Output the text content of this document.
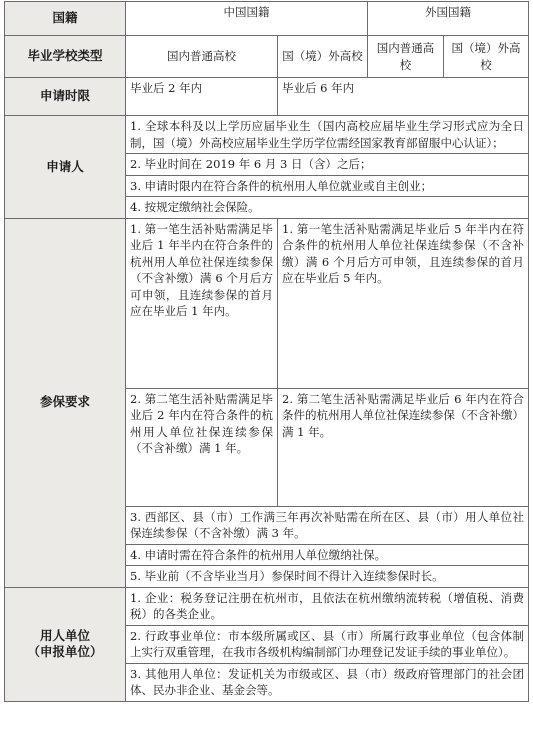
国籍	中国国籍		外国国籍	
毕业学校类型	国内普通高校	国（境）外高校	国内普通高校	国（境）外高校
申请时限	毕业后 2 年内	毕业后 6 年内		
申请人	1. 全球本科及以上学历应届毕业生（国内高校应届毕业生学习形式应为全日制，国（境）外高校应届毕业生学历学位需经国家教育部留服中心认证）；			
	2. 毕业时间在 2019 年 6 月 3 日（含）之后；			
	3. 申请时限内在符合条件的杭州用人单位就业或自主创业；			
	4. 按规定缴纳社会保险。			
参保要求	1. 第一笔生活补贴需满足毕业后 1 年半内在符合条件的杭州用人单位社保连续参保（不含补缴）满 6 个月后方可申领，且连续参保的首月应在毕业后 1 年内。	1. 第一笔生活补贴需满足毕业后 5 年半内在符合条件的杭州用人单位社保连续参保（不含补缴）满 6 个月后方可申领，且连续参保的首月应在毕业后 5 年内。		
	2. 第二笔生活补贴需满足毕业后 2 年内在符合条件的杭州用人单位社保连续参保（不含补缴）满 1 年。	2. 第二笔生活补贴需满足毕业后 6 年内在符合条件的杭州用人单位社保连续参保（不含补缴）满 1 年。		
	3. 西部区、县（市）工作满三年再次补贴需在所在区、县（市）用人单位社保连续参保（不含补缴）满 3 年。			
	4. 申请时需在符合条件的杭州用人单位缴纳社保。			
	5. 毕业前（不含毕业当月）参保时间不得计入连续参保时长。			

用人单位
（申报单位）	1. 企业：税务登记注册在杭州市，且依法在杭州缴纳流转税（增值税、消费税）的各类企业。			
	2. 行政事业单位：市本级所属或区、县（市）所属行政事业单位（包含体制上实行双重管理，在我市各级机构编制部门办理登记发证手续的事业单位）。			
	3. 其他用人单位：发证机关为市级或区、县（市）级政府管理部门的社会团体、民办非企业、基金会等。			
